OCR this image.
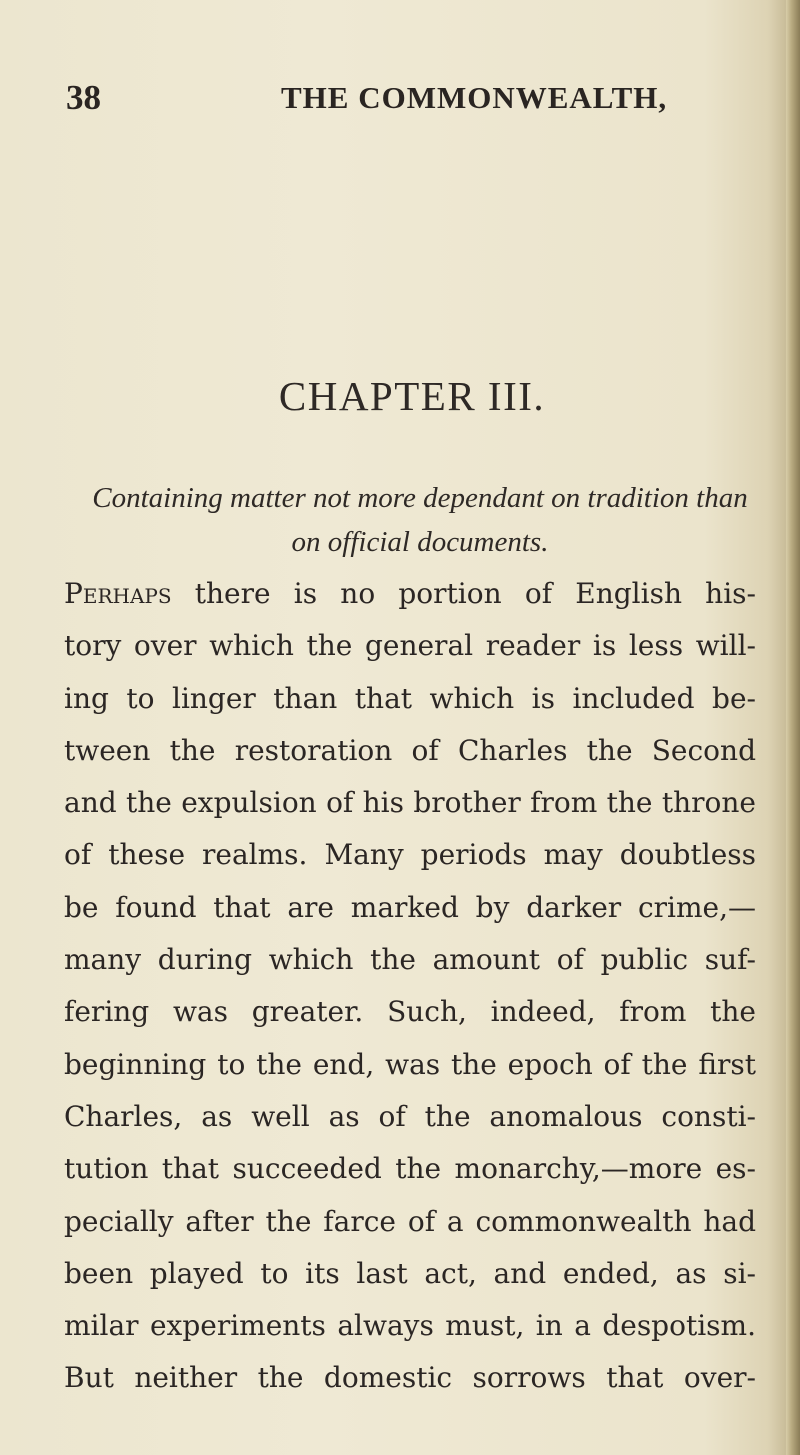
38	THE COMMONWEALTH,
CHAPTER III.
Containing matter not more dependant on tradition than
on official documents.
Perhaps there is no portion of English his-
tory over which the general reader is less will-
ing to linger than that which is included be-
tween the restoration of Charles the Second
and the expulsion of his brother from the throne
of these realms. Many periods may doubtless
be found that are marked by darker crime,—
many during which the amount of public suf-
fering was greater. Such, indeed, from the
beginning to the end, was the epoch of the first
Charles, as well as of the anomalous consti-
tution that succeeded the monarchy,—more es-
pecially after the farce of a commonwealth had
been played to its last act, and ended, as si-
milar experiments always must, in a despotism.
But neither the domestic sorrows that over-
